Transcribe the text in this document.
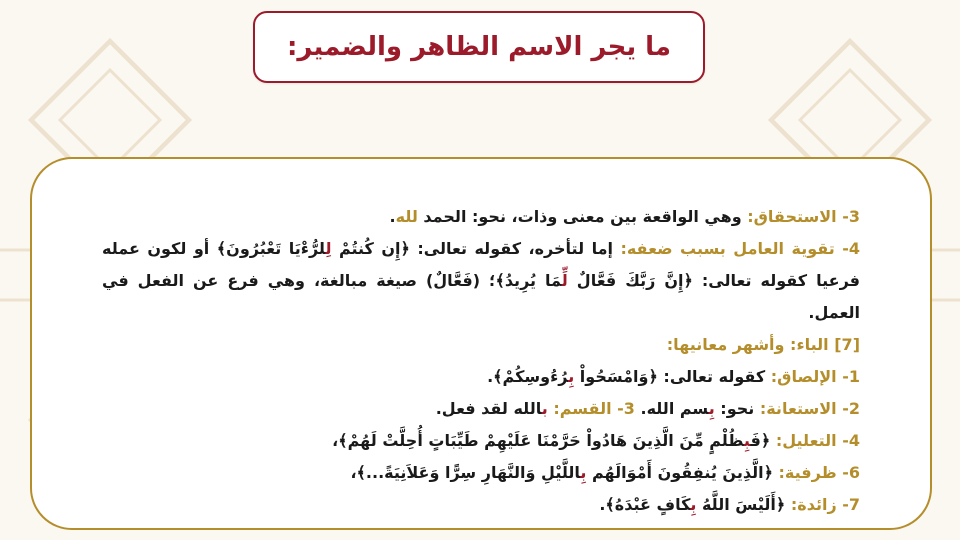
ما يجر الاسم الظاهر والضمير:

3- الاستحقاق: وهي الواقعة بين معنى وذات، نحو: الحمد لله.

4- تقوية العامل بسبب ضعفه: إما لتأخره، كقوله تعالى: ﴿إِن كُنتُمْ لِلرُّءْيَا تَعْبُرُونَ﴾ أو لكون عمله فرعيا كقوله تعالى: ﴿إِنَّ رَبَّكَ فَعَّالٌ لِّمَا يُرِيدُ﴾؛ (فَعَّالٌ) صيغة مبالغة، وهي فرع عن الفعل في العمل.

[7] الباء: وأشهر معانيها:

1- الإلصاق: كقوله تعالى: ﴿وَامْسَحُواْ بِرُءُوسِكُمْ﴾.

2- الاستعانة: نحو: بِسم الله. 3- القسم: بالله لقد فعل.

4- التعليل: ﴿فَبِظُلْمٍ مِّنَ الَّذِينَ هَادُواْ حَرَّمْنَا عَلَيْهِمْ طَيِّبَاتٍ أُحِلَّتْ لَهُمْ﴾،

6- ظرفية: ﴿الَّذِينَ يُنفِقُونَ أَمْوَالَهُم بِاللَّيْلِ وَالنَّهَارِ سِرًّا وَعَلاَنِيَةً...﴾،

7- زائدة: ﴿أَلَيْسَ اللَّهُ بِكَافٍ عَبْدَهُ﴾.
